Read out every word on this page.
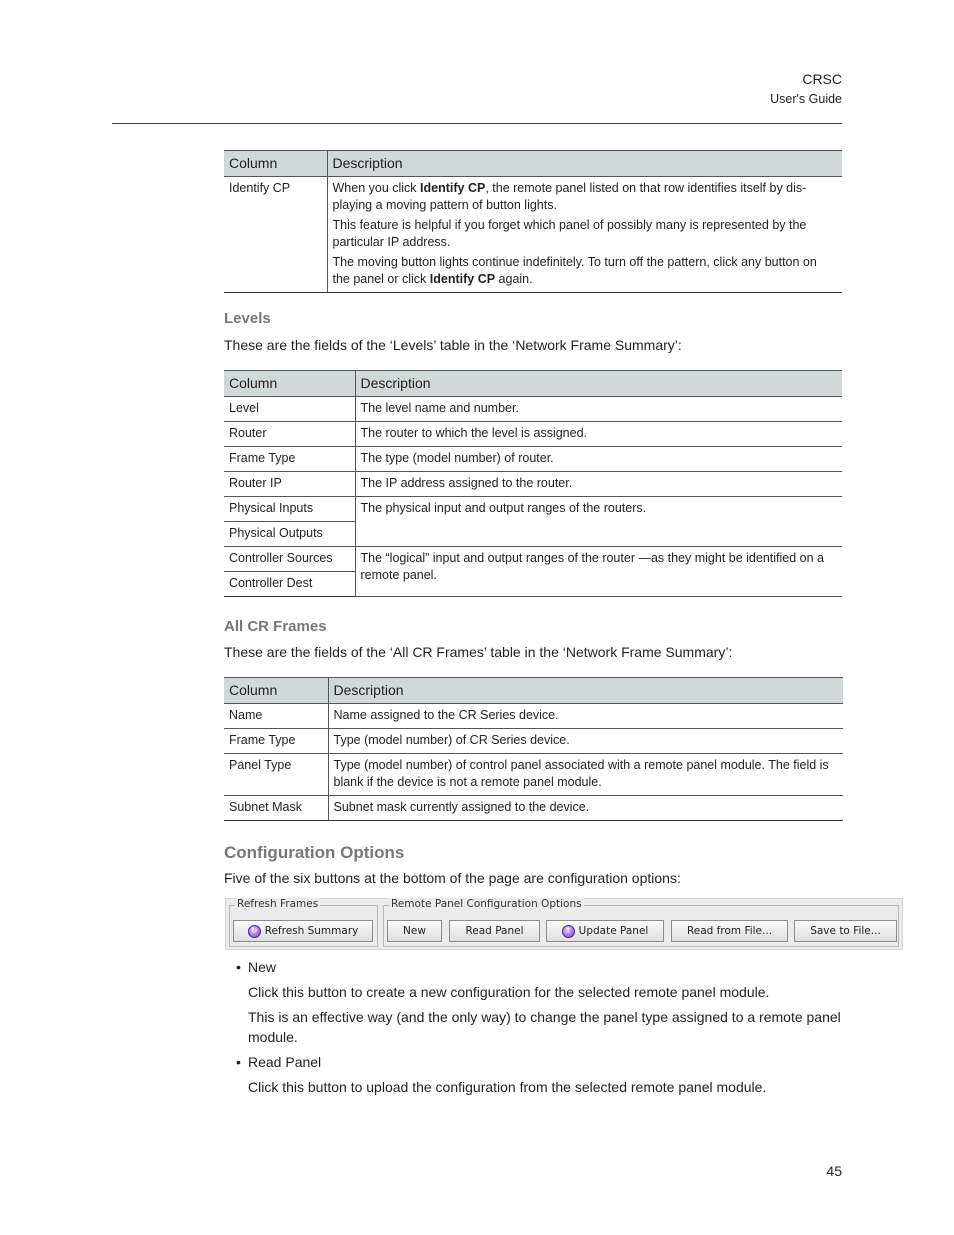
CRSC
User's Guide
Column	Description
Identify CP	When you click Identify CP, the remote panel listed on that row identifies itself by dis- playing a moving pattern of button lights.

This feature is helpful if you forget which panel of possibly many is represented by the particular IP address.

The moving button lights continue indefinitely. To turn off the pattern, click any button on the panel or click Identify CP again.

Levels
These are the fields of the ‘Levels’ table in the ‘Network Frame Summary’:
Column	Description
Level	The level name and number.
Router	The router to which the level is assigned.
Frame Type	The type (model number) of router.
Router IP	The IP address assigned to the router.
Physical Inputs	The physical input and output ranges of the routers.
Physical Outputs	
Controller Sources	The “logical” input and output ranges of the router —as they might be identified on a remote panel.
Controller Dest	
All CR Frames
These are the fields of the ‘All CR Frames’ table in the ‘Network Frame Summary’:
Column	Description
Name	Name assigned to the CR Series device.
Frame Type	Type (model number) of CR Series device.
Panel Type	Type (model number) of control panel associated with a remote panel module. The field is blank if the device is not a remote panel module.
Subnet Mask	Subnet mask currently assigned to the device.
Configuration Options
Five of the six buttons at the bottom of the page are configuration options:
Refresh Frames
↻ Refresh Summary
Remote Panel Configuration Options
New	Read Panel	↑ Update Panel	Read from File...	Save to File...
• New
Click this button to create a new configuration for the selected remote panel module.
This is an effective way (and the only way) to change the panel type assigned to a remote panel module.
• Read Panel
Click this button to upload the configuration from the selected remote panel module.
45
